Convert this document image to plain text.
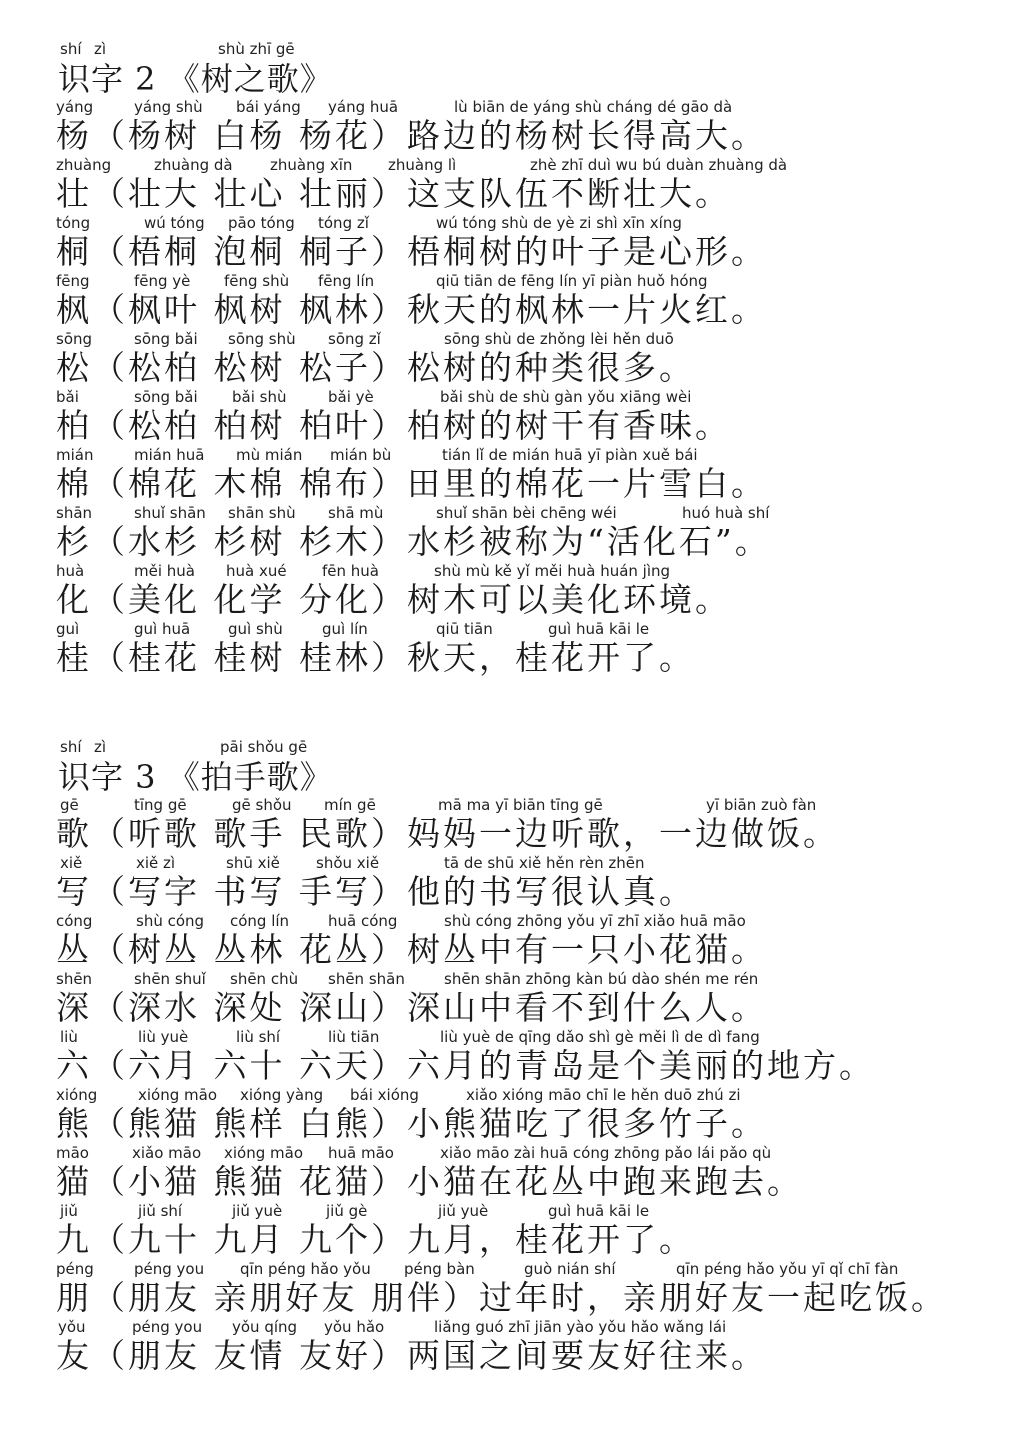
shí zì	shù zhī gē
识字 2 《树之歌》
yáng	yáng shù bái yáng yáng huā	lù biān de yáng shù cháng dé gāo dà
杨（杨树 白杨 杨花）路边的杨树长得高大。
zhuàng	zhuàng dà zhuàng xīn zhuàng lì	zhè zhī duì wu bú duàn zhuàng dà
壮（壮大 壮心 壮丽）这支队伍不断壮大。
tóng	wú tóng pāo tóng tóng zǐ	wú tóng shù de yè zi shì xīn xíng
桐（梧桐 泡桐 桐子）梧桐树的叶子是心形。
fēng	fēng yè fēng shù fēng lín	qiū tiān de fēng lín yī piàn huǒ hóng
枫（枫叶 枫树 枫林）秋天的枫林一片火红。
sōng	sōng bǎi sōng shù sōng zǐ	sōng shù de zhǒng lèi hěn duō
松（松柏 松树 松子）松树的种类很多。
bǎi	sōng bǎi bǎi shù	bǎi yè	bǎi shù de shù gàn yǒu xiāng wèi
柏（松柏 柏树 柏叶）柏树的树干有香味。
mián	mián huā mù mián mián bù	tián lǐ de mián huā yī piàn xuě bái
棉（棉花 木棉 棉布）田里的棉花一片雪白。
shān	shuǐ shān shān shù shā mù	shuǐ shān bèi chēng wéi	huó huà shí
杉（水杉 杉树 杉木）水杉被称为“活化石”。
huà	měi huà huà xué fēn huà	shù mù kě yǐ měi huà huán jìng
化（美化 化学 分化）树木可以美化环境。
guì	guì huā	guì shù	guì lín	qiū tiān	guì huā kāi le
桂（桂花 桂树 桂林）秋天，桂花开了。
shí zì	pāi shǒu gē
识字 3 《拍手歌》
gē	tīng gē	gē shǒu mín gē	mā ma yī biān tīng gē	yī biān zuò fàn
歌（听歌 歌手 民歌）妈妈一边听歌，一边做饭。
xiě	xiě zì	shū xiě shǒu xiě	tā de shū xiě hěn rèn zhēn
写（写字 书写 手写）他的书写很认真。
cóng	shù cóng cóng lín	huā cóng	shù cóng zhōng yǒu yī zhī xiǎo huā māo
丛（树丛 丛林 花丛）树丛中有一只小花猫。
shēn	shēn shuǐ shēn chù shēn shān	shēn shān zhōng kàn bú dào shén me rén
深（深水 深处 深山）深山中看不到什么人。
liù	liù yuè	liù shí	liù tiān	liù yuè de qīng dǎo shì gè měi lì de dì fang
六（六月 六十 六天）六月的青岛是个美丽的地方。
xióng	xióng māo xióng yàng bái xióng	xiǎo xióng māo chī le hěn duō zhú zi
熊（熊猫 熊样 白熊）小熊猫吃了很多竹子。
māo	xiǎo māo xióng māo huā māo	xiǎo māo zài huā cóng zhōng pǎo lái pǎo qù
猫（小猫 熊猫 花猫）小猫在花丛中跑来跑去。
jiǔ	jiǔ shí	jiǔ yuè	jiǔ gè	jiǔ yuè	guì huā kāi le
九（九十 九月 九个）九月，桂花开了。
péng	péng you qīn péng hǎo yǒu péng bàn	guò nián shí	qīn péng hǎo yǒu yī qǐ chī fàn
朋（朋友 亲朋好友 朋伴）过年时，亲朋好友一起吃饭。
yǒu	péng you yǒu qíng yǒu hǎo	liǎng guó zhī jiān yào yǒu hǎo wǎng lái
友（朋友 友情 友好）两国之间要友好往来。
